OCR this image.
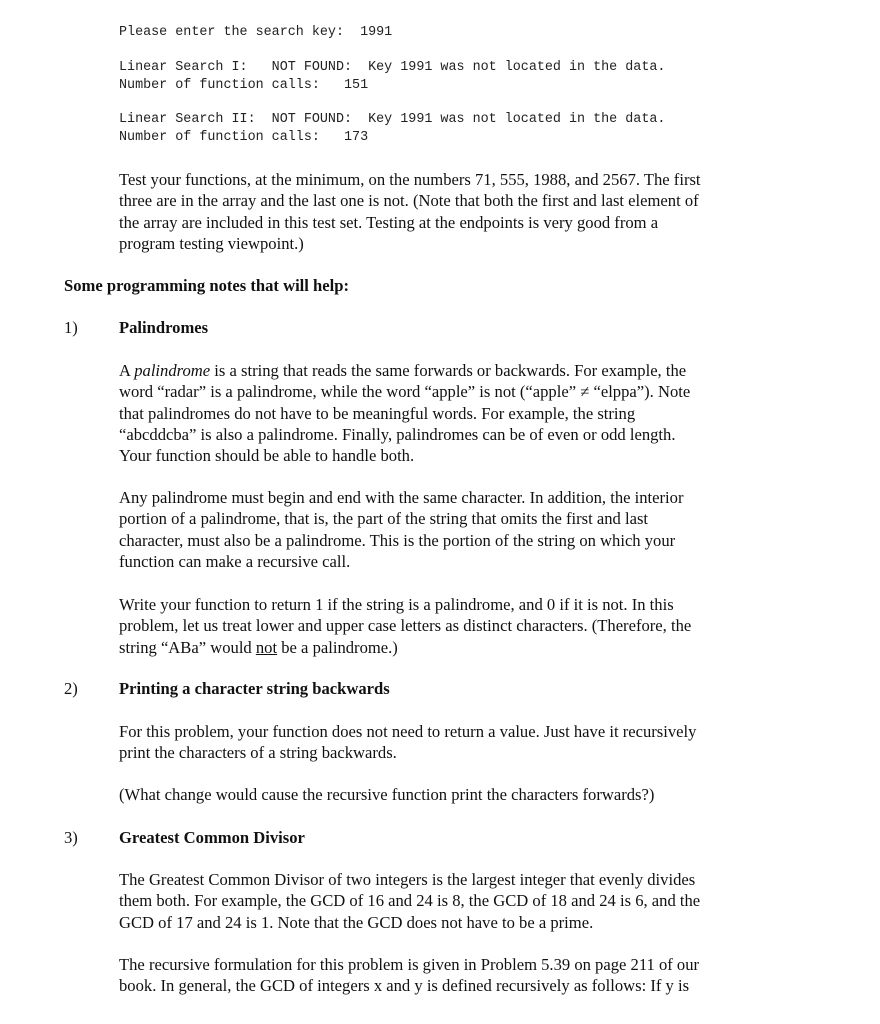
Please enter the search key:  1991
Linear Search I:   NOT FOUND:  Key 1991 was not located in the data.
Number of function calls:   151
Linear Search II:  NOT FOUND:  Key 1991 was not located in the data.
Number of function calls:   173
Test your functions, at the minimum, on the numbers 71, 555, 1988, and 2567. The first
three are in the array and the last one is not. (Note that both the first and last element of
the array are included in this test set. Testing at the endpoints is very good from a
program testing viewpoint.)
Some programming notes that will help:
1) Palindromes
A palindrome is a string that reads the same forwards or backwards. For example, the
word “radar” is a palindrome, while the word “apple” is not (“apple” ≠ “elppa”). Note
that palindromes do not have to be meaningful words. For example, the string
“abcddcba” is also a palindrome. Finally, palindromes can be of even or odd length.
Your function should be able to handle both.
Any palindrome must begin and end with the same character. In addition, the interior
portion of a palindrome, that is, the part of the string that omits the first and last
character, must also be a palindrome. This is the portion of the string on which your
function can make a recursive call.
Write your function to return 1 if the string is a palindrome, and 0 if it is not. In this
problem, let us treat lower and upper case letters as distinct characters. (Therefore, the
string “ABa” would not be a palindrome.)
2) Printing a character string backwards
For this problem, your function does not need to return a value. Just have it recursively
print the characters of a string backwards.
(What change would cause the recursive function print the characters forwards?)
3) Greatest Common Divisor
The Greatest Common Divisor of two integers is the largest integer that evenly divides
them both. For example, the GCD of 16 and 24 is 8, the GCD of 18 and 24 is 6, and the
GCD of 17 and 24 is 1. Note that the GCD does not have to be a prime.
The recursive formulation for this problem is given in Problem 5.39 on page 211 of our
book. In general, the GCD of integers x and y is defined recursively as follows: If y is
